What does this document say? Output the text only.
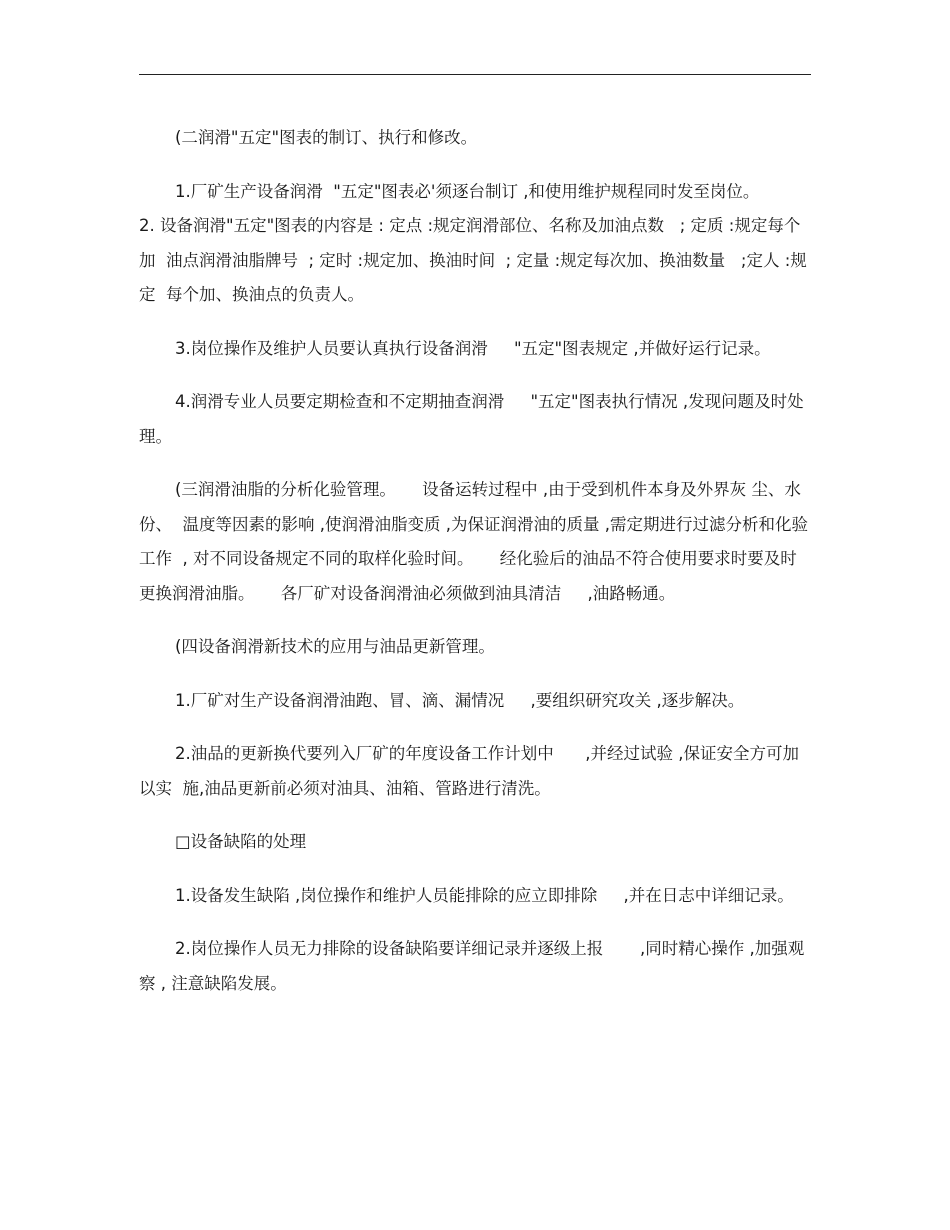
(二润滑"五定"图表的制订、执行和修改。

1.厂矿生产设备润滑  "五定"图表必'须逐台制订 ,和使用维护规程同时发至岗位。

2. 设备润滑"五定"图表的内容是 : 定点 :规定润滑部位、名称及加油点数   ; 定质 :规定每个加  油点润滑油脂牌号  ; 定时 :规定加、换油时间  ; 定量 :规定每次加、换油数量   ;定人 :规定  每个加、换油点的负责人。

3.岗位操作及维护人员要认真执行设备润滑     "五定"图表规定 ,并做好运行记录。

4.润滑专业人员要定期检查和不定期抽查润滑     "五定"图表执行情况 ,发现问题及时处理。

(三润滑油脂的分析化验管理。     设备运转过程中 ,由于受到机件本身及外界灰 尘、水份、  温度等因素的影响 ,使润滑油脂变质 ,为保证润滑油的质量 ,需定期进行过滤分析和化验工作  , 对不同设备规定不同的取样化验时间。     经化验后的油品不符合使用要求时要及时更换润滑油脂。     各厂矿对设备润滑油必须做到油具清洁     ,油路畅通。

(四设备润滑新技术的应用与油品更新管理。

1.厂矿对生产设备润滑油跑、冒、滴、漏情况     ,要组织研究攻关 ,逐步解决。

2.油品的更新换代要列入厂矿的年度设备工作计划中      ,并经过试验 ,保证安全方可加以实  施,油品更新前必须对油具、油箱、管路进行清洗。

□设备缺陷的处理

1.设备发生缺陷 ,岗位操作和维护人员能排除的应立即排除     ,并在日志中详细记录。

2.岗位操作人员无力排除的设备缺陷要详细记录并逐级上报       ,同时精心操作 ,加强观察 , 注意缺陷发展。
